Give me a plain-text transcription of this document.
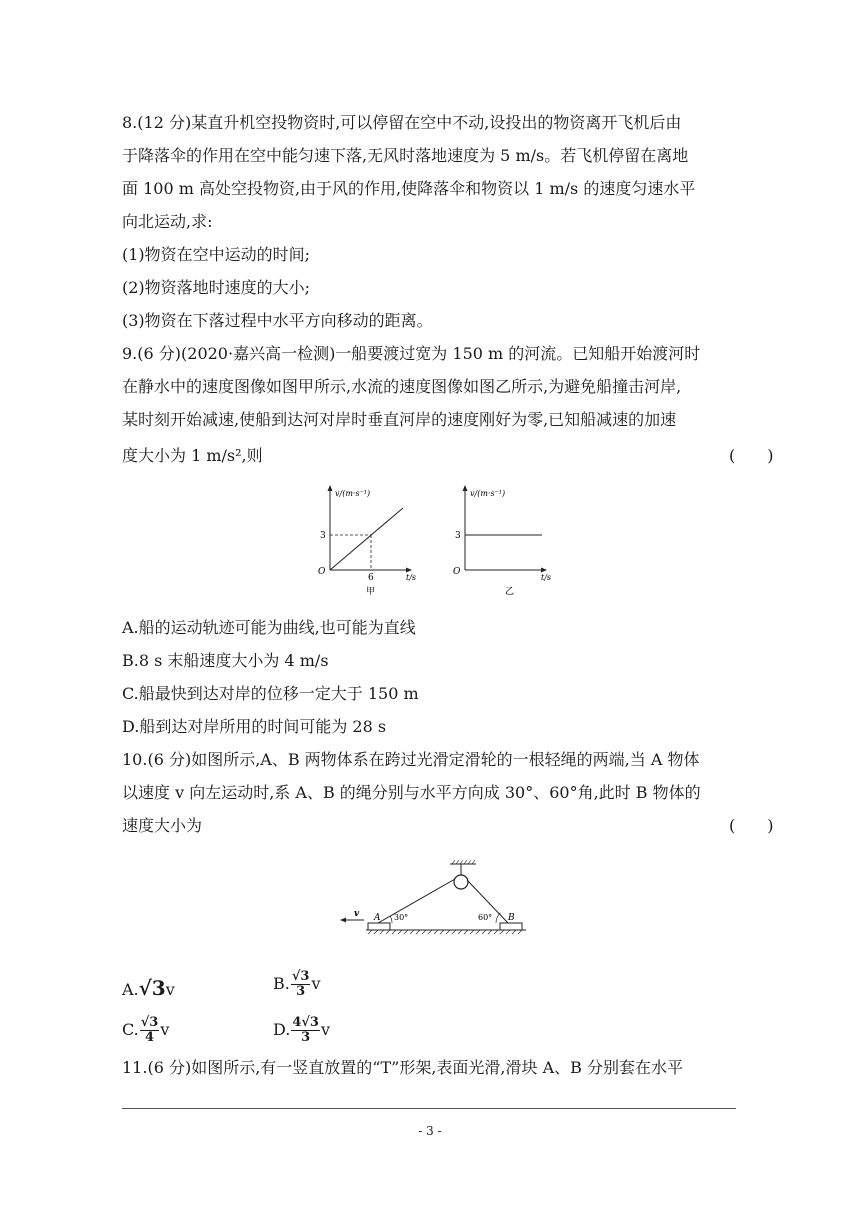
8.(12 分)某直升机空投物资时,可以停留在空中不动,设投出的物资离开飞机后由
于降落伞的作用在空中能匀速下落,无风时落地速度为 5 m/s。若飞机停留在离地
面 100 m 高处空投物资,由于风的作用,使降落伞和物资以 1 m/s 的速度匀速水平
向北运动,求:
(1)物资在空中运动的时间;
(2)物资落地时速度的大小;
(3)物资在下落过程中水平方向移动的距离。
9.(6 分)(2020·嘉兴高一检测)一船要渡过宽为 150 m 的河流。已知船开始渡河时
在静水中的速度图像如图甲所示,水流的速度图像如图乙所示,为避免船撞击河岸,
某时刻开始减速,使船到达河对岸时垂直河岸的速度刚好为零,已知船减速的加速
度大小为 1 m/s²,则	(　　)
v/(m·s⁻¹)
3
O
6	t/s
甲
v/(m·s⁻¹)
3
O
t/s
乙
A.船的运动轨迹可能为曲线,也可能为直线
B.8 s 末船速度大小为 4 m/s
C.船最快到达对岸的位移一定大于 150 m
D.船到达对岸所用的时间可能为 28 s
10.(6 分)如图所示,A、B 两物体系在跨过光滑定滑轮的一根轻绳的两端,当 A 物体
以速度 v 向左运动时,系 A、B 的绳分别与水平方向成 30°、60°角,此时 B 物体的
速度大小为	(　　)
v A 30°	60° B
A.√3v	B. $\frac{√3}{3}$ v
C. $\frac{√3}{4}$ v	D. $\frac{4√3}{3}$ v
11.(6 分)如图所示,有一竖直放置的“T”形架,表面光滑,滑块 A、B 分别套在水平
- 3 -
